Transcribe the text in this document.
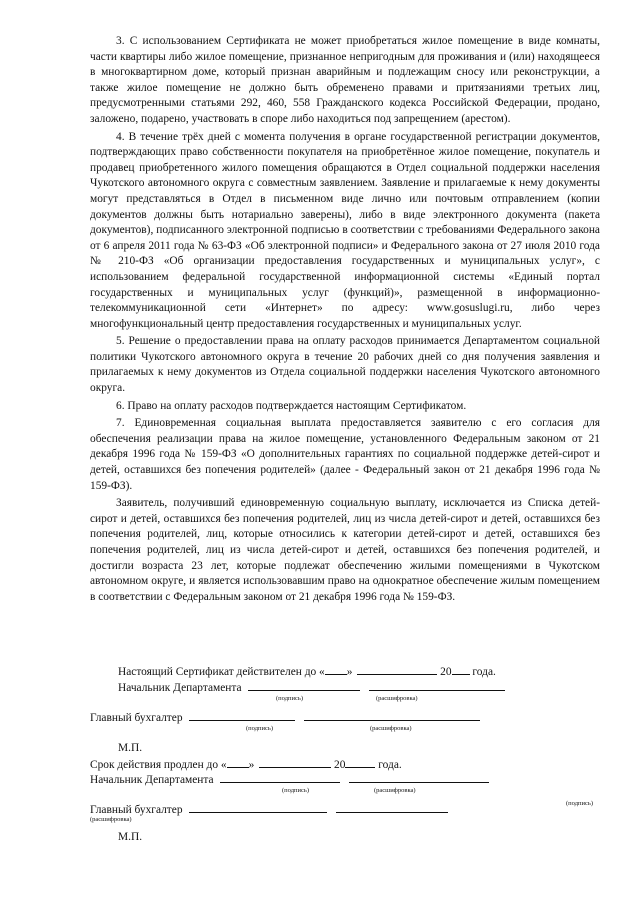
3. С использованием Сертификата не может приобретаться жилое помещение в виде комнаты, части квартиры либо жилое помещение, признанное непригодным для проживания и (или) находящееся в многоквартирном доме, который признан аварийным и подлежащим сносу или реконструкции, а также жилое помещение не должно быть обременено правами и притязаниями третьих лиц, предусмотренными статьями 292, 460, 558 Гражданского кодекса Российской Федерации, продано, заложено, подарено, участвовать в споре либо находиться под запрещением (арестом).

4. В течение трёх дней с момента получения в органе государственной регистрации документов, подтверждающих право собственности покупателя на приобретённое жилое помещение, покупатель и продавец приобретенного жилого помещения обращаются в Отдел социальной поддержки населения Чукотского автономного округа с совместным заявлением. Заявление и прилагаемые к нему документы могут представляться в Отдел в письменном виде лично или почтовым отправлением (копии документов должны быть нотариально заверены), либо в виде электронного документа (пакета документов), подписанного электронной подписью в соответствии с требованиями Федерального закона от 6 апреля 2011 года № 63-ФЗ «Об электронной подписи» и Федерального закона от 27 июля 2010 года № 210-ФЗ «Об организации предоставления государственных и муниципальных услуг», с использованием федеральной государственной информационной системы «Единый портал государственных и муниципальных услуг (функций)», размещенной в информационно-телекоммуникационной сети «Интернет» по адресу: www.gosuslugi.ru, либо через многофункциональный центр предоставления государственных и муниципальных услуг.

5. Решение о предоставлении права на оплату расходов принимается Департаментом социальной политики Чукотского автономного округа в течение 20 рабочих дней со дня получения заявления и прилагаемых к нему документов из Отдела социальной поддержки населения Чукотского автономного округа.

6. Право на оплату расходов подтверждается настоящим Сертификатом.

7. Единовременная социальная выплата предоставляется заявителю с его согласия для обеспечения реализации права на жилое помещение, установленного Федеральным законом от 21 декабря 1996 года № 159-ФЗ «О дополнительных гарантиях по социальной поддержке детей-сирот и детей, оставшихся без попечения родителей» (далее - Федеральный закон от 21 декабря 1996 года № 159-ФЗ).

Заявитель, получивший единовременную социальную выплату, исключается из Списка детей-сирот и детей, оставшихся без попечения родителей, лиц из числа детей-сирот и детей, оставшихся без попечения родителей, лиц, которые относились к категории детей-сирот и детей, оставшихся без попечения родителей, лиц из числа детей-сирот и детей, оставшихся без попечения родителей, и достигли возраста 23 лет, которые подлежат обеспечению жилыми помещениями в Чукотском автономном округе, и является использовавшим право на однократное обеспечение жилым помещением в соответствии с Федеральным законом от 21 декабря 1996 года № 159-ФЗ.

Настоящий Сертификат действителен до « »	20 года.
Начальник Департамента
(подпись)	(расшифровка)
Главный бухгалтер
(подпись)	(расшифровка)
М.П.
Срок действия продлен до « »	20	года.
Начальник Департамента
(подпись)	(расшифровка)
Главный бухгалтер
(подпись)
(расшифровка)
М.П.
